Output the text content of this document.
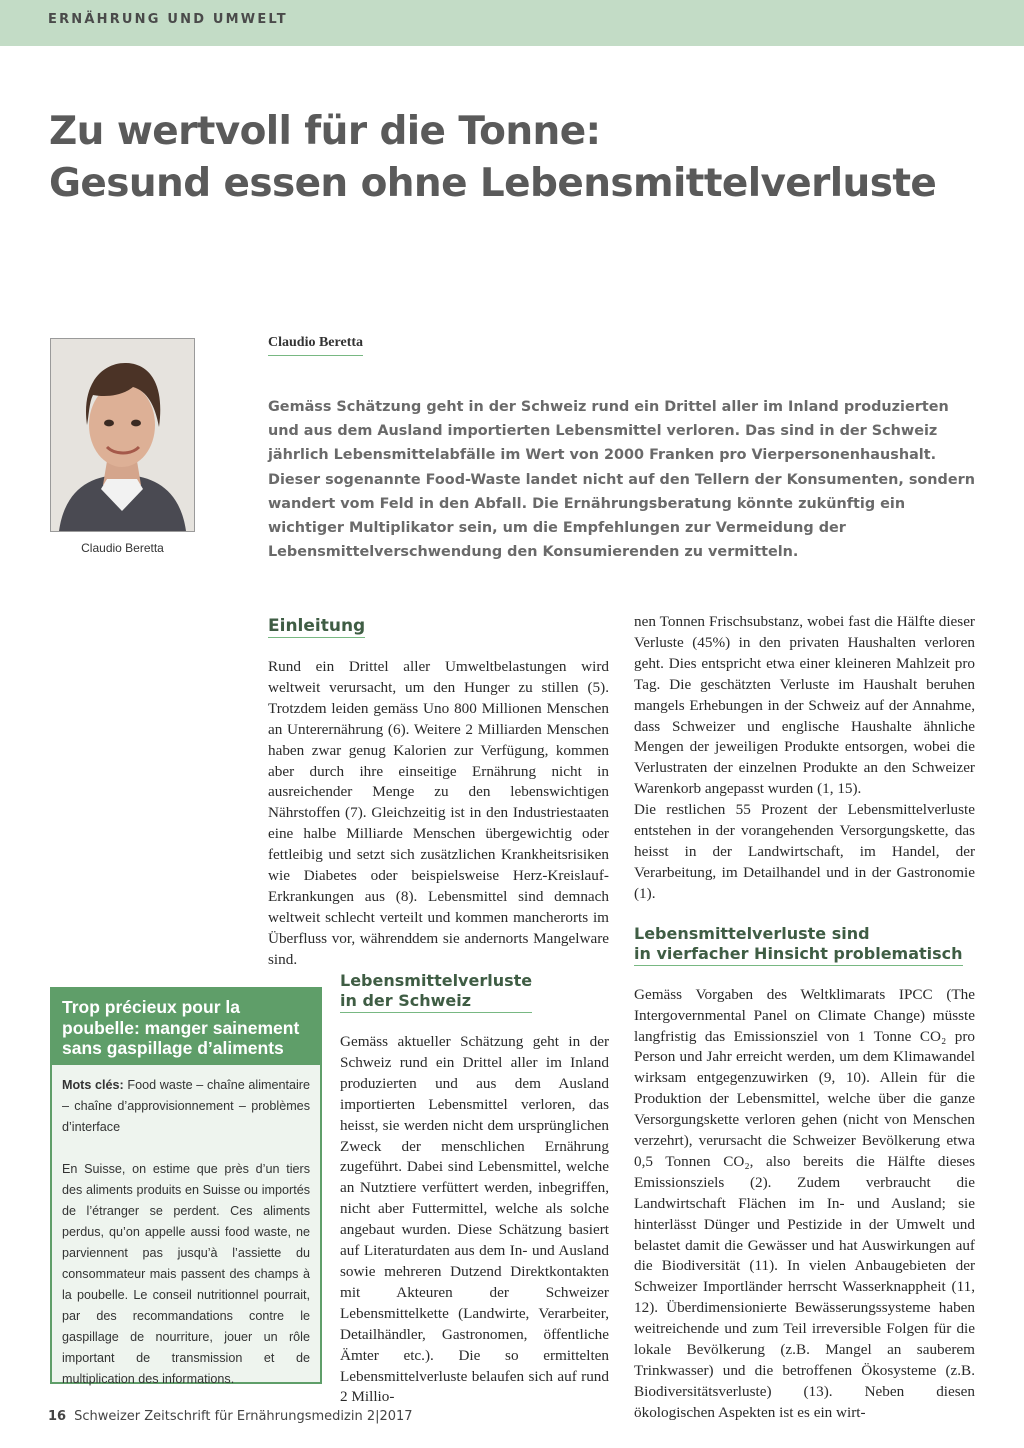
ERNÄHRUNG UND UMWELT
Zu wertvoll für die Tonne:
Gesund essen ohne Lebensmittelverluste
Claudio Beretta
Claudio Beretta

Gemäss Schätzung geht in der Schweiz rund ein Drittel aller im Inland produzierten und aus dem Ausland importierten Lebensmittel verloren. Das sind in der Schweiz jährlich Lebensmittelabfälle im Wert von 2000 Franken pro Vierpersonenhaushalt. Dieser sogenannte Food-Waste landet nicht auf den Tellern der Konsumenten, sondern wandert vom Feld in den Abfall. Die Ernährungsberatung könnte zukünftig ein wichtiger Multiplikator sein, um die Empfehlungen zur Vermeidung der Lebensmittelverschwendung den Konsumierenden zu vermitteln.

Einleitung

Rund ein Drittel aller Umweltbelastungen wird weltweit verursacht, um den Hunger zu stillen (5). Trotzdem leiden gemäss Uno 800 Millionen Menschen an Unterernährung (6). Weitere 2 Milliarden Menschen haben zwar genug Kalorien zur Verfügung, kommen aber durch ihre einseitige Ernährung nicht in ausreichender Menge zu den lebenswichtigen Nährstoffen (7). Gleichzeitig ist in den Industriestaaten eine halbe Milliarde Menschen übergewichtig oder fettleibig und setzt sich zusätzlichen Krankheitsrisiken wie Diabetes oder beispielsweise Herz-Kreislauf-Erkrankungen aus (8). Lebensmittel sind demnach weltweit schlecht verteilt und kommen mancherorts im Überfluss vor, währenddem sie andernorts Mangelware sind.

Lebensmittelverluste
in der Schweiz

Gemäss aktueller Schätzung geht in der Schweiz rund ein Drittel aller im Inland produzierten und aus dem Ausland importierten Lebensmittel verloren, das heisst, sie werden nicht dem ursprünglichen Zweck der menschlichen Ernährung zugeführt. Dabei sind Lebensmittel, welche an Nutztiere verfüttert werden, inbegriffen, nicht aber Futtermittel, welche als solche angebaut wurden. Diese Schätzung basiert auf Literaturdaten aus dem In- und Ausland sowie mehreren Dutzend Direktkontakten mit Akteuren der Schweizer Lebensmittelkette (Landwirte, Verarbeiter, Detailhändler, Gastronomen, öffentliche Ämter etc.). Die so ermittelten Lebensmittelverluste belaufen sich auf rund 2 Millio-

nen Tonnen Frischsubstanz, wobei fast die Hälfte dieser Verluste (45%) in den privaten Haushalten verloren geht. Dies entspricht etwa einer kleineren Mahlzeit pro Tag. Die geschätzten Verluste im Haushalt beruhen mangels Erhebungen in der Schweiz auf der Annahme, dass Schweizer und englische Haushalte ähnliche Mengen der jeweiligen Produkte entsorgen, wobei die Verlustraten der einzelnen Produkte an den Schweizer Warenkorb angepasst wurden (1, 15).

Die restlichen 55 Prozent der Lebensmittelverluste entstehen in der vorangehenden Versorgungskette, das heisst in der Landwirtschaft, im Handel, der Verarbeitung, im Detailhandel und in der Gastronomie (1).

Lebensmittelverluste sind
in vierfacher Hinsicht problematisch

Gemäss Vorgaben des Weltklimarats IPCC (The Intergovernmental Panel on Climate Change) müsste langfristig das Emissionsziel von 1 Tonne CO₂ pro Person und Jahr erreicht werden, um dem Klimawandel wirksam entgegenzuwirken (9, 10). Allein für die Produktion der Lebensmittel, welche über die ganze Versorgungskette verloren gehen (nicht von Menschen verzehrt), verursacht die Schweizer Bevölkerung etwa 0,5 Tonnen CO₂, also bereits die Hälfte dieses Emissionsziels (2). Zudem verbraucht die Landwirtschaft Flächen im In- und Ausland; sie hinterlässt Dünger und Pestizide in der Umwelt und belastet damit die Gewässer und hat Auswirkungen auf die Biodiversität (11). In vielen Anbaugebieten der Schweizer Importländer herrscht Wasserknappheit (11, 12). Überdimensionierte Bewässerungssysteme haben weitreichende und zum Teil irreversible Folgen für die lokale Bevölkerung (z.B. Mangel an sauberem Trinkwasser) und die betroffenen Ökosysteme (z.B. Biodiversitätsverluste) (13). Neben diesen ökologischen Aspekten ist es ein wirt-

Trop précieux pour la poubelle: manger sainement sans gaspillage d’aliments

Mots clés: Food waste – chaîne alimentaire – chaîne d’approvisionnement – problèmes d’interface

En Suisse, on estime que près d’un tiers des aliments produits en Suisse ou importés de l’étranger se perdent. Ces aliments perdus, qu’on appelle aussi food waste, ne parviennent pas jusqu’à l’assiette du consommateur mais passent des champs à la poubelle. Le conseil nutritionnel pourrait, par des recommandations contre le gaspillage de nourriture, jouer un rôle important de transmission et de multiplication des informations.

16 Schweizer Zeitschrift für Ernährungsmedizin 2|2017
